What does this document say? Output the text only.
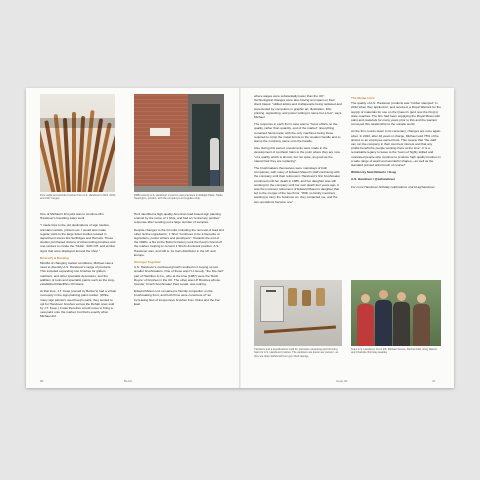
Pure sable and ebonite brushes from A.S. Handover's 2115, 2110, and 2117 ranges.
DMB recently A.S. Handover moved to new premises in Raleigh Place, Stoke Newington, London, with the company's art supplies shop.

One of Michael's first jobs was to continue Mrs Handover's travelling sales work.

"I made trips to the old destinations of sign studios, animation artists, printers etc. I would also make regular visits to the large ticket studios located in department stores like Selfridges and Harrods. These studios purchased dozens of ticket-writing brushes and one-strokes to create the 'SALE', '20% Off', and similar signs that were displayed around the shop."

Diversify & Develop

Mindful of changing market conditions, Michael saw a need to diversify A.S. Handover's range of products. This included expanding into brushes for gilders, marblers, and other specialist decorators, and the addition of tools and specialist paints such as the long-established Ratcliffe's Oil Glaze.

At that time, J.T. Keep (owned by Bolton's) had a virtual monopoly in the sign-painting paint market. (While many sign painters used Keep's paint, they tended to opt for Handover brushes versus the Rehab ones sold by J.T. Keep.) It was therefore a bold move to bring a new paint onto the market, but that's exactly what Michael did.

He'd identified a high-quality American lead-based sign painting enamel by the name of 1 Shot, and had an "extremely positive" response after sending out a large number of samples.

Despite changes to the formula, including the removal of lead and other 'active ingredients', 1 Shot "continues to be a favourite of signwriters, poster writers and pinstripers". Towards the end of the 1990s, a fire at the Bolton's factory took the Keep's brand off the market, helping to cement 1 Shot's dominant position. A.S. Handover was, and still is, its main distributor in the UK and Europe.

Stronger Together

A.S. Handover's continued growth resulted in it buying up two smaller brushmakers. One of these was H.J.Goody, "the fine hair" part of Hamilton & Co., who at the time (1987) were the 'Rolls Royce' of brushes in the UK. The other was LP Brushes whose founder, Czech brushmaker Paul Lesak, was retiring.

Edward Mason Ltd. remained a friendly competitor on the brushmaking front, and both firms were conscious of "an increasing flow of inexpensive brushes from China and the Far East

90	BLAG

where wages were substantially lower than the UK". Technological changes were also having an impact on their client bases: "skilled artists and craftspeople being replaced and superseded by computers in graphic art, illustration, litho printing, signwriting, and poster writing to name but a few", says Michael.

The response in each firm's case was to "focus efforts on the quality, rather than quantity, end of the market". Everything remained hand-made, with the only machines being those required to crimp the metal ferrule to the wooden handle and to stamp the company name onto the handle.

Also during this period, investments were made in the development of synthetic hairs to the point where they are now "of a quality which is almost, but not quite, as good as the natural hair they are replacing".

The brushmakers themselves were mainstays of both companies, with many of Edward Mason's staff continuing with the company until their retirement. Handover's first brushmaker continued until her death in 1985, and her daughter was still working for the company until her own death four years ago. It was the imminent retirement of Edward Mason's daughter that led to the merger of the two firms: "With no family members wanting to carry the business on, they contacted me, and the two operations became one"...

The Modern Era

The quality of A.S. Handover products was "rubber stamped" in 2012 when they applied for, and received, a Royal Warrant for the supply of materials for use on the Queen's (and now the King's) state coaches. The firm had been supplying the Royal Mews with paint and materials for many years prior to this and the warrant conveyed this relationship to the outside world.

As the firm counts down to its centenary, changes are once again afoot. In 2022, after 42 years in charge, Michael sold 75% of the shares to an employee-owned trust. This means that "the staff can run the company in their own best interest and that any profits benefit the people working there at the time". It is a remarkable legacy to leave to the "team of highly skilled and motivated people who continue to produce high quality brushes in a wide range of weird and wonderful shapes—as well as the standard pointed artist brush of course!"

Written by Sam Roberts / bl.ag

A.S. Handover / @ashandover

For more Handover birthday celebrations visit bl.ag/handover

Canisters and a specifications card for precisely measuring and trimming hairs for A.S. Handover brushes. The canisters are known as 'cannon', as they are often fashioned from gun shell casings.
Team A.S. Handover. From left: Michael Versus, Rachel Kidd, Greg Warren, and Charlotte Wormley-Heatley.
Issue 00	47
